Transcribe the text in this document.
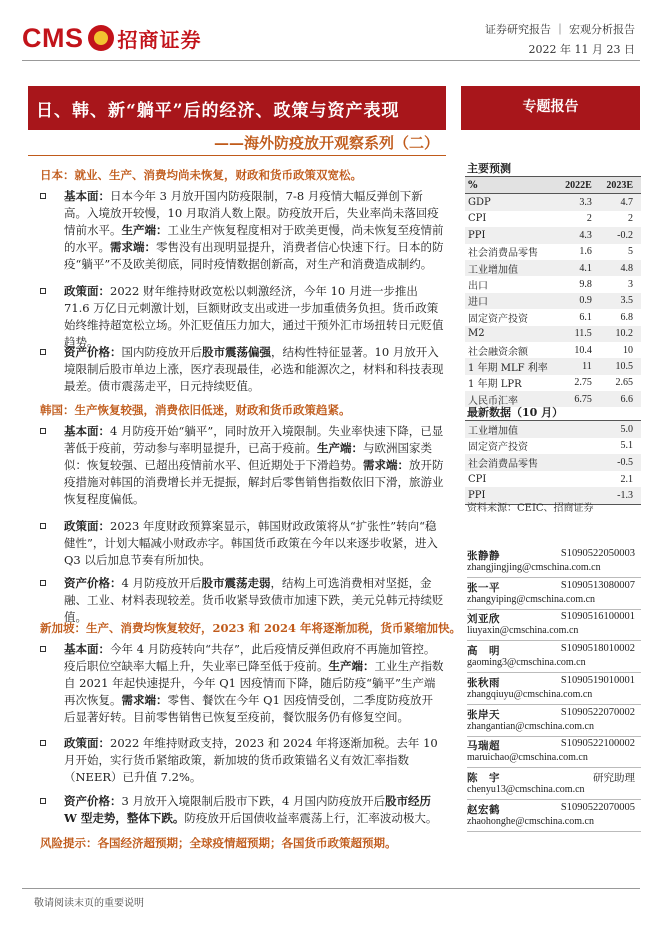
CMS 招商证券	证券研究报告 ｜ 宏观分析报告
2022 年 11 月 23 日
日、韩、新“躺平”后的经济、政策与资产表现	专题报告
——海外防疫放开观察系列（二）
日本：就业、生产、消费均尚未恢复，财政和货币政策双宽松。
基本面：日本今年 3 月放开国内防疫限制，7-8 月疫情大幅反弹创下新高。入境放开较慢，10 月取消人数上限。防疫放开后，失业率尚未落回疫情前水平。生产端：工业生产恢复程度相对于欧美更慢，尚未恢复至疫情前的水平。需求端：零售没有出现明显提升，消费者信心快速下行。日本的防疫“躺平”不及欧美彻底，同时疫情数据创新高，对生产和消费造成制约。
政策面：2022 财年维持财政宽松以刺激经济，今年 10 月进一步推出 71.6 万亿日元刺激计划，巨额财政支出或进一步加重债务负担。货币政策始终维持超宽松立场。外汇贬值压力加大，通过干预外汇市场扭转日元贬值趋势。
资产价格：国内防疫放开后股市震荡偏强，结构性特征显著。10 月放开入境限制后股市单边上涨，医疗表现最佳，必选和能源次之，材料和科技表现最差。债市震荡走平，日元持续贬值。
韩国：生产恢复较强，消费依旧低迷，财政和货币政策趋紧。
基本面：4 月防疫开始“躺平”，同时放开入境限制。失业率快速下降，已显著低于疫前，劳动参与率明显提升，已高于疫前。生产端：与欧洲国家类似：恢复较强、已超出疫情前水平、但近期处于下滑趋势。需求端：放开防疫措施对韩国的消费增长并无提振，解封后零售销售指数依旧下滑，旅游业恢复程度偏低。
政策面：2023 年度财政预算案显示，韩国财政政策将从“扩张性”转向“稳健性”，计划大幅减小财政赤字。韩国货币政策在今年以来逐步收紧，进入 Q3 以后加息节奏有所加快。
资产价格：4 月防疫放开后股市震荡走弱，结构上可选消费相对坚挺，金融、工业、材料表现较差。货币收紧导致债市加速下跌，美元兑韩元持续贬值。
新加坡：生产、消费均恢复较好，2023 和 2024 年将逐渐加税，货币紧缩加快。
基本面：今年 4 月防疫转向“共存”，此后疫情反弹但政府不再施加管控。疫后职位空缺率大幅上升，失业率已降至低于疫前。生产端：工业生产指数自 2021 年起快速提升，今年 Q1 因疫情而下降，随后防疫“躺平”生产端再次恢复。需求端：零售、餐饮在今年 Q1 因疫情受创，二季度防疫放开后显著好转。目前零售销售已恢复至疫前，餐饮服务仍有修复空间。
政策面：2022 年维持财政支持，2023 和 2024 年将逐渐加税。去年 10 月开始，实行货币紧缩政策，新加坡的货币政策锚名义有效汇率指数（NEER）已升值 7.2%。
资产价格：3 月放开入境限制后股市下跌，4 月国内防疫放开后股市经历 W 型走势，整体下跌。防疫放开后国债收益率震荡上行，汇率波动极大。
风险提示：各国经济超预期；全球疫情超预期；各国货币政策超预期。
主要预测
%	2022E	2023E
GDP	3.3	4.7
CPI	2	2
PPI	4.3	-0.2
社会消费品零售	1.6	5
工业增加值	4.1	4.8
出口	9.8	3
进口	0.9	3.5
固定资产投资	6.1	6.8
M2	11.5	10.2
社会融资余额	10.4	10
1 年期 MLF 利率	11	10.5
1 年期 LPR	2.75	2.65
人民币汇率	6.75	6.6
最新数据（10 月）
工业增加值	5.0
固定资产投资	5.1
社会消费品零售	-0.5
CPI	2.1
PPI	-1.3
资料来源：CEIC、招商证券
张静静	S1090522050003
zhangjingjing@cmschina.com.cn
张一平	S1090513080007
zhangyiping@cmschina.com.cn
刘亚欣	S1090516100001
liuyaxin@cmschina.com.cn
高　明	S1090518010002
gaoming3@cmschina.com.cn
张秋雨	S1090519010001
zhangqiuyu@cmschina.com.cn
张岸天	S1090522070002
zhangantian@cmschina.com.cn
马瑞超	S1090522100002
maruichao@cmschina.com.cn
陈　宇	研究助理
chenyu13@cmschina.com.cn
赵宏鹤	S1090522070005
zhaohonghe@cmschina.com.cn
敬请阅读末页的重要说明
